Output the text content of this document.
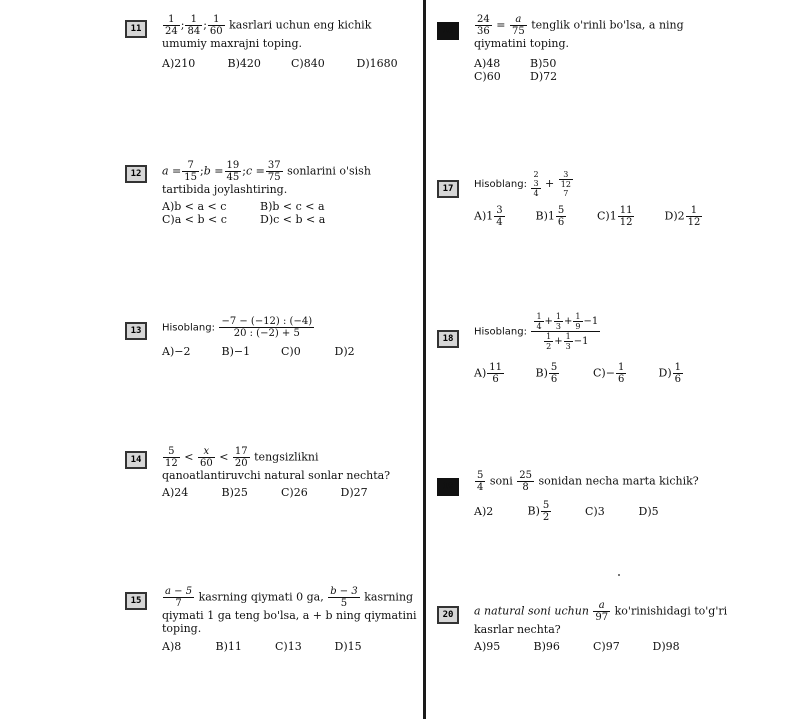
11	$\frac{1}{24}$ ; $\frac{1}{84}$ ; $\frac{1}{60}$ kasrlari uchun eng kichik umumiy maxrajni toping.
A)210	B)420	C)840	D)1680
12	$a = \frac{7}{15}$ ;b = $\frac{19}{45}$ ;c = $\frac{37}{75}$ sonlarini o'sish tartibida joylashtiring.
A)b < a < c	B)b < c < a
C)a < b < c	D)c < b < a
13	Hisoblang: $\frac{-7 - (-12) : (-4)}{20 : (-2) + 5}$
A)−2	B)−1	C)0	D)2
14	$\frac{5}{12} < \frac{x}{60} < \frac{17}{20}$ tengsizlikni qanoatlantiruvchi natural sonlar nechta?
A)24	B)25	C)26	D)27
15	$\frac{a - 5}{7}$ kasrning qiymati 0 ga, $\frac{b - 3}{5}$ kasrning qiymati 1 ga teng bo'lsa, a + b ning qiymatini toping.
A)8	B)11	C)13	D)15
16	$\frac{24}{36} = \frac{a}{75}$ tenglik o'rinli bo'lsa, a ning qiymatini toping.
A)48	B)50
C)60	D)72
17	Hisoblang:
2
3
4
+
3
12
7
$A)1 \frac{3}{4}$	$B)1 \frac{5}{6}$	$C)1 \frac{11}{12}$	$D)2 \frac{1}{12}$
18
Hisoblang: $\frac{\frac{1}{4} + \frac{1}{3} + \frac{1}{9} -1}{\frac{1}{2} + \frac{1}{3} -1}$
$A) \frac{11}{6}$	$B) \frac{5}{6}$	$C)- \frac{1}{6}$	$D) \frac{1}{6}$
19	$\frac{5}{4}$ soni $\frac{25}{8}$ sonidan necha marta kichik?
A)2	$B) \frac{5}{2}$	C)3	D)5
20	a natural soni uchun $\frac{a}{97}$ ko'rinishidagi to'g'ri kasrlar nechta?
A)95	B)96	C)97	D)98
